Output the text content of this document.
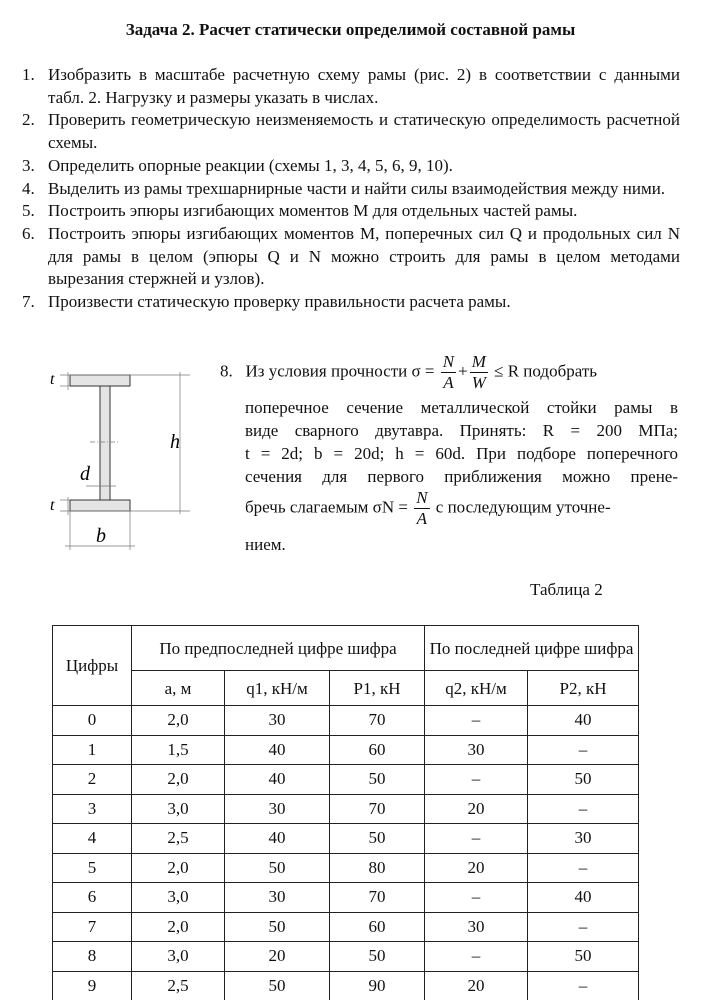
Задача 2. Расчет статически определимой составной рамы
1. Изобразить в масштабе расчетную схему рамы (рис. 2) в соответствии с данными табл. 2. Нагрузку и размеры указать в числах.
2. Проверить геометрическую неизменяемость и статическую определимость расчетной схемы.
3. Определить опорные реакции (схемы 1, 3, 4, 5, 6, 9, 10).
4. Выделить из рамы трехшарнирные части и найти силы взаимодействия между ними.
5. Построить эпюры изгибающих моментов M для отдельных частей рамы.
6. Построить эпюры изгибающих моментов M, поперечных сил Q и продольных сил N для рамы в целом (эпюры Q и N можно строить для рамы в целом методами вырезания стержней и узлов).
7. Произвести статическую проверку правильности расчета рамы.
t
t
h
d
b
8. Из условия прочности $\sigma = \frac{N}{A} + \frac{M}{W} \le R$ подобрать
поперечное сечение металлической стойки рамы в
виде сварного двутавра. Принять: R = 200 МПа;
t = 2d; b = 20d; h = 60d. При подборе поперечного
сечения для первого приближения можно прене-
бречь слагаемым $\sigma N = \frac{N}{A}$ с последующим уточне-
нием.
Таблица 2
Цифры	По предпоследней цифре шифра			По последней цифре шифра	
	a, м	q1, кН/м	P1, кН	q2, кН/м	P2, кН
0	2,0	30	70	–	40
1	1,5	40	60	30	–
2	2,0	40	50	–	50
3	3,0	30	70	20	–
4	2,5	40	50	–	30
5	2,0	50	80	20	–
6	3,0	30	70	–	40
7	2,0	50	60	30	–
8	3,0	20	50	–	50
9	2,5	50	90	20	–
